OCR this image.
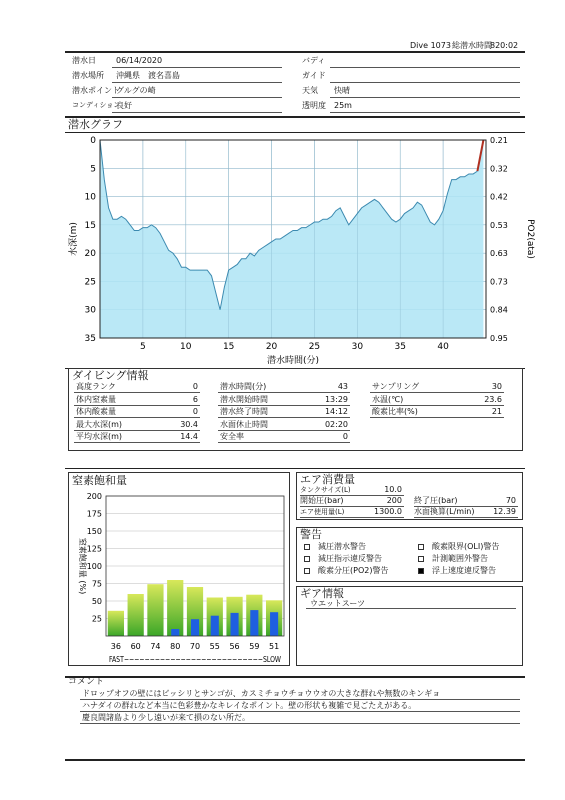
Dive 1073 総潜水時間
820:02
潜水日	06/14/2020
潜水場所 沖縄県　渡名喜島
潜水ポイント
グルグの崎
コンディション
良好
バディ
ガイド
天気 快晴
透明度 25m
潜水グラフ
0
5
10
15
20
25
30
35
5	10	15	20	25	30	35	40
0.21
0.32
0.42
0.53
0.63
0.73
0.84
0.95
水深(m)	PO2(ata)
潜水時間(分)
ダイビング情報
高度ランク	0
体内窒素量	6
体内酸素量	0
最大水深(m)	30.4
平均水深(m)	14.4
潜水時間(分)	43
潜水開始時間	13:29
潜水終了時間	14:12
水面休止時間	02:20
安全率	0
サンプリング	30
水温(℃)	23.6
酸素比率(%)	21
窒素飽和量
36 60 74 80 70 55 56 59 51
25
50
75
100
125
150
175
200
窒素飽和量 (%)
FAST−−−−−−−−−−−−−−−−−−−−−−−−−−−SLOW
エア消費量
タンクサイズ(L)	10.0
開始圧(bar)	200 終了圧(bar)	70
エア使用量(L)	1300.0 水面換算(L/min)	12.39
警告
減圧潜水警告	酸素限界(OLI)警告
減圧指示違反警告	計測範囲外警告
酸素分圧(PO2)警告	浮上速度違反警告
ギア情報
ウエットスーツ
コメント
ドロップオフの壁にはビッシリとサンゴが、カスミチョウチョウウオの大きな群れや無数のキンギョ
ハナダイの群れなど本当に色彩豊かなキレイなポイント。壁の形状も複雑で見ごたえがある。
慶良間諸島より少し遠いが来て損のない所だ。
